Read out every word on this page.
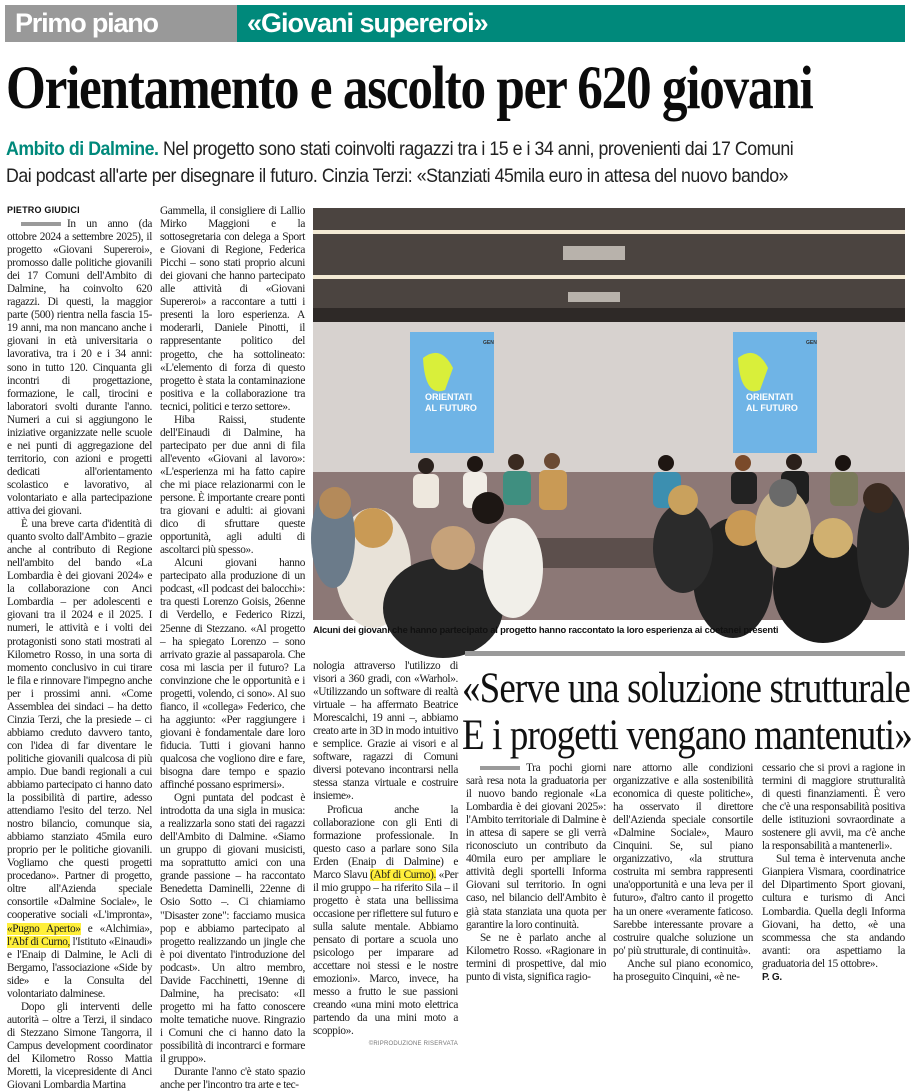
Primo piano	«Giovani supereroi»
Orientamento e ascolto per 620 giovani
Ambito di Dalmine. Nel progetto sono stati coinvolti ragazzi tra i 15 e i 34 anni, provenienti dai 17 Comuni
Dai podcast all'arte per disegnare il futuro. Cinzia Terzi: «Stanziati 45mila euro in attesa del nuovo bando»
PIETRO GIUDICI

In un anno (da ottobre 2024 a settembre 2025), il progetto «Giovani Supereroi», promosso dalle politiche giovanili dei 17 Comuni dell'Ambito di Dalmine, ha coinvolto 620 ragazzi. Di questi, la maggior parte (500) rientra nella fascia 15-19 anni, ma non mancano anche i giovani in età universitaria o lavorativa, tra i 20 e i 34 anni: sono in tutto 120. Cinquanta gli incontri di progettazione, formazione, le call, tirocini e laboratori svolti durante l'anno. Numeri a cui si aggiungono le iniziative organizzate nelle scuole e nei punti di aggregazione del territorio, con azioni e progetti dedicati all'orientamento scolastico e lavorativo, al volontariato e alla partecipazione attiva dei giovani.

È una breve carta d'identità di quanto svolto dall'Ambito – grazie anche al contributo di Regione nell'ambito del bando «La Lombardia è dei giovani 2024» e la collaborazione con Anci Lombardia – per adolescenti e giovani tra il 2024 e il 2025. I numeri, le attività e i volti dei protagonisti sono stati mostrati al Kilometro Rosso, in una sorta di momento conclusivo in cui tirare le fila e rinnovare l'impegno anche per i prossimi anni. «Come Assemblea dei sindaci – ha detto Cinzia Terzi, che la presiede – ci abbiamo creduto davvero tanto, con l'idea di far diventare le politiche giovanili qualcosa di più ampio. Due bandi regionali a cui abbiamo partecipato ci hanno dato la possibilità di partire, adesso attendiamo l'esito del terzo. Nel nostro bilancio, comunque sia, abbiamo stanziato 45mila euro proprio per le politiche giovanili. Vogliamo che questi progetti procedano». Partner di progetto, oltre all'Azienda speciale consortile «Dalmine Sociale», le cooperative sociali «L'impronta», «Pugno Aperto» e «Alchimia», l'Abf di Curno, l'Istituto «Einaudi» e l'Enaip di Dalmine, le Acli di Bergamo, l'associazione «Side by side» e la Consulta del volontariato dalminese.

Dopo gli interventi delle autorità – oltre a Terzi, il sindaco di Stezzano Simone Tangorra, il Campus development coordinator del Kilometro Rosso Mattia Moretti, la vicepresidente di Anci Giovani Lombardia Martina

Gammella, il consigliere di Lallio Mirko Maggioni e la sottosegretaria con delega a Sport e Giovani di Regione, Federica Picchi – sono stati proprio alcuni dei giovani che hanno partecipato alle attività di «Giovani Supereroi» a raccontare a tutti i presenti la loro esperienza. A moderarli, Daniele Pinotti, il rappresentante politico del progetto, che ha sottolineato: «L'elemento di forza di questo progetto è stata la contaminazione positiva e la collaborazione tra tecnici, politici e terzo settore».

Hiba Raissi, studente dell'Einaudi di Dalmine, ha partecipato per due anni di fila all'evento «Giovani al lavoro»: «L'esperienza mi ha fatto capire che mi piace relazionarmi con le persone. È importante creare ponti tra giovani e adulti: ai giovani dico di sfruttare queste opportunità, agli adulti di ascoltarci più spesso».

Alcuni giovani hanno partecipato alla produzione di un podcast, «Il podcast dei balocchi»: tra questi Lorenzo Goisis, 26enne di Verdello, e Federico Rizzi, 25enne di Stezzano. «Al progetto – ha spiegato Lorenzo – sono arrivato grazie al passaparola. Che cosa mi lascia per il futuro? La convinzione che le opportunità e i progetti, volendo, ci sono». Al suo fianco, il «collega» Federico, che ha aggiunto: «Per raggiungere i giovani è fondamentale dare loro fiducia. Tutti i giovani hanno qualcosa che vogliono dire e fare, bisogna dare tempo e spazio affinché possano esprimersi».

Ogni puntata del podcast è introdotta da una sigla in musica: a realizzarla sono stati dei ragazzi dell'Ambito di Dalmine. «Siamo un gruppo di giovani musicisti, ma soprattutto amici con una grande passione – ha raccontato Benedetta Daminelli, 22enne di Osio Sotto –. Ci chiamiamo "Disaster zone": facciamo musica pop e abbiamo partecipato al progetto realizzando un jingle che è poi diventato l'introduzione del podcast». Un altro membro, Davide Facchinetti, 19enne di Dalmine, ha precisato: «Il progetto mi ha fatto conoscere molte tematiche nuove. Ringrazio i Comuni che ci hanno dato la possibilità di incontrarci e formare il gruppo».

Durante l'anno c'è stato spazio anche per l'incontro tra arte e tec-

ORIENTATI
AL FUTURO
GEN
ORIENTATI
AL FUTURO
GEN
Alcuni dei giovani che hanno partecipato al progetto hanno raccontato la loro esperienza ai coetanei presenti

nologia attraverso l'utilizzo di visori a 360 gradi, con «Warhol». «Utilizzando un software di realtà virtuale – ha affermato Beatrice Morescalchi, 19 anni –, abbiamo creato arte in 3D in modo intuitivo e semplice. Grazie ai visori e al software, ragazzi di Comuni diversi potevano incontrarsi nella stessa stanza virtuale e costruire insieme».

Proficua anche la collaborazione con gli Enti di formazione professionale. In questo caso a parlare sono Sila Erden (Enaip di Dalmine) e Marco Slavu (Abf di Curno). «Per il mio gruppo – ha riferito Sila – il progetto è stata una bellissima occasione per riflettere sul futuro e sulla salute mentale. Abbiamo pensato di portare a scuola uno psicologo per imparare ad accettare noi stessi e le nostre emozioni». Marco, invece, ha messo a frutto le sue passioni creando «una mini moto elettrica partendo da una mini moto a scoppio».

©RIPRODUZIONE RISERVATA
«Serve una soluzione strutturale
E i progetti vengano mantenuti»

Tra pochi giorni sarà resa nota la graduatoria per il nuovo bando regionale «La Lombardia è dei giovani 2025»: l'Ambito territoriale di Dalmine è in attesa di sapere se gli verrà riconosciuto un contributo da 40mila euro per ampliare le attività degli sportelli Informa Giovani sul territorio. In ogni caso, nel bilancio dell'Ambito è già stata stanziata una quota per garantire la loro continuità.

Se ne è parlato anche al Kilometro Rosso. «Ragionare in termini di prospettive, dal mio punto di vista, significa ragio-

nare attorno alle condizioni organizzative e alla sostenibilità economica di queste politiche», ha osservato il direttore dell'Azienda speciale consortile «Dalmine Sociale», Mauro Cinquini. Se, sul piano organizzativo, «la struttura costruita mi sembra rappresenti una'opportunità e una leva per il futuro», d'altro canto il progetto ha un onere «veramente faticoso. Sarebbe interessante provare a costruire qualche soluzione un po' più strutturale, di continuità».

Anche sul piano economico, ha proseguito Cinquini, «è ne-

cessario che si provi a ragione in termini di maggiore strutturalità di questi finanziamenti. È vero che c'è una responsabilità positiva delle istituzioni sovraordinate a sostenere gli avvii, ma c'è anche la responsabilità a mantenerli».

Sul tema è intervenuta anche Gianpiera Vismara, coordinatrice del Dipartimento Sport giovani, cultura e turismo di Anci Lombardia. Quella degli Informa Giovani, ha detto, «è una scommessa che sta andando avanti: ora aspettiamo la graduatoria del 15 ottobre».

P. G.
